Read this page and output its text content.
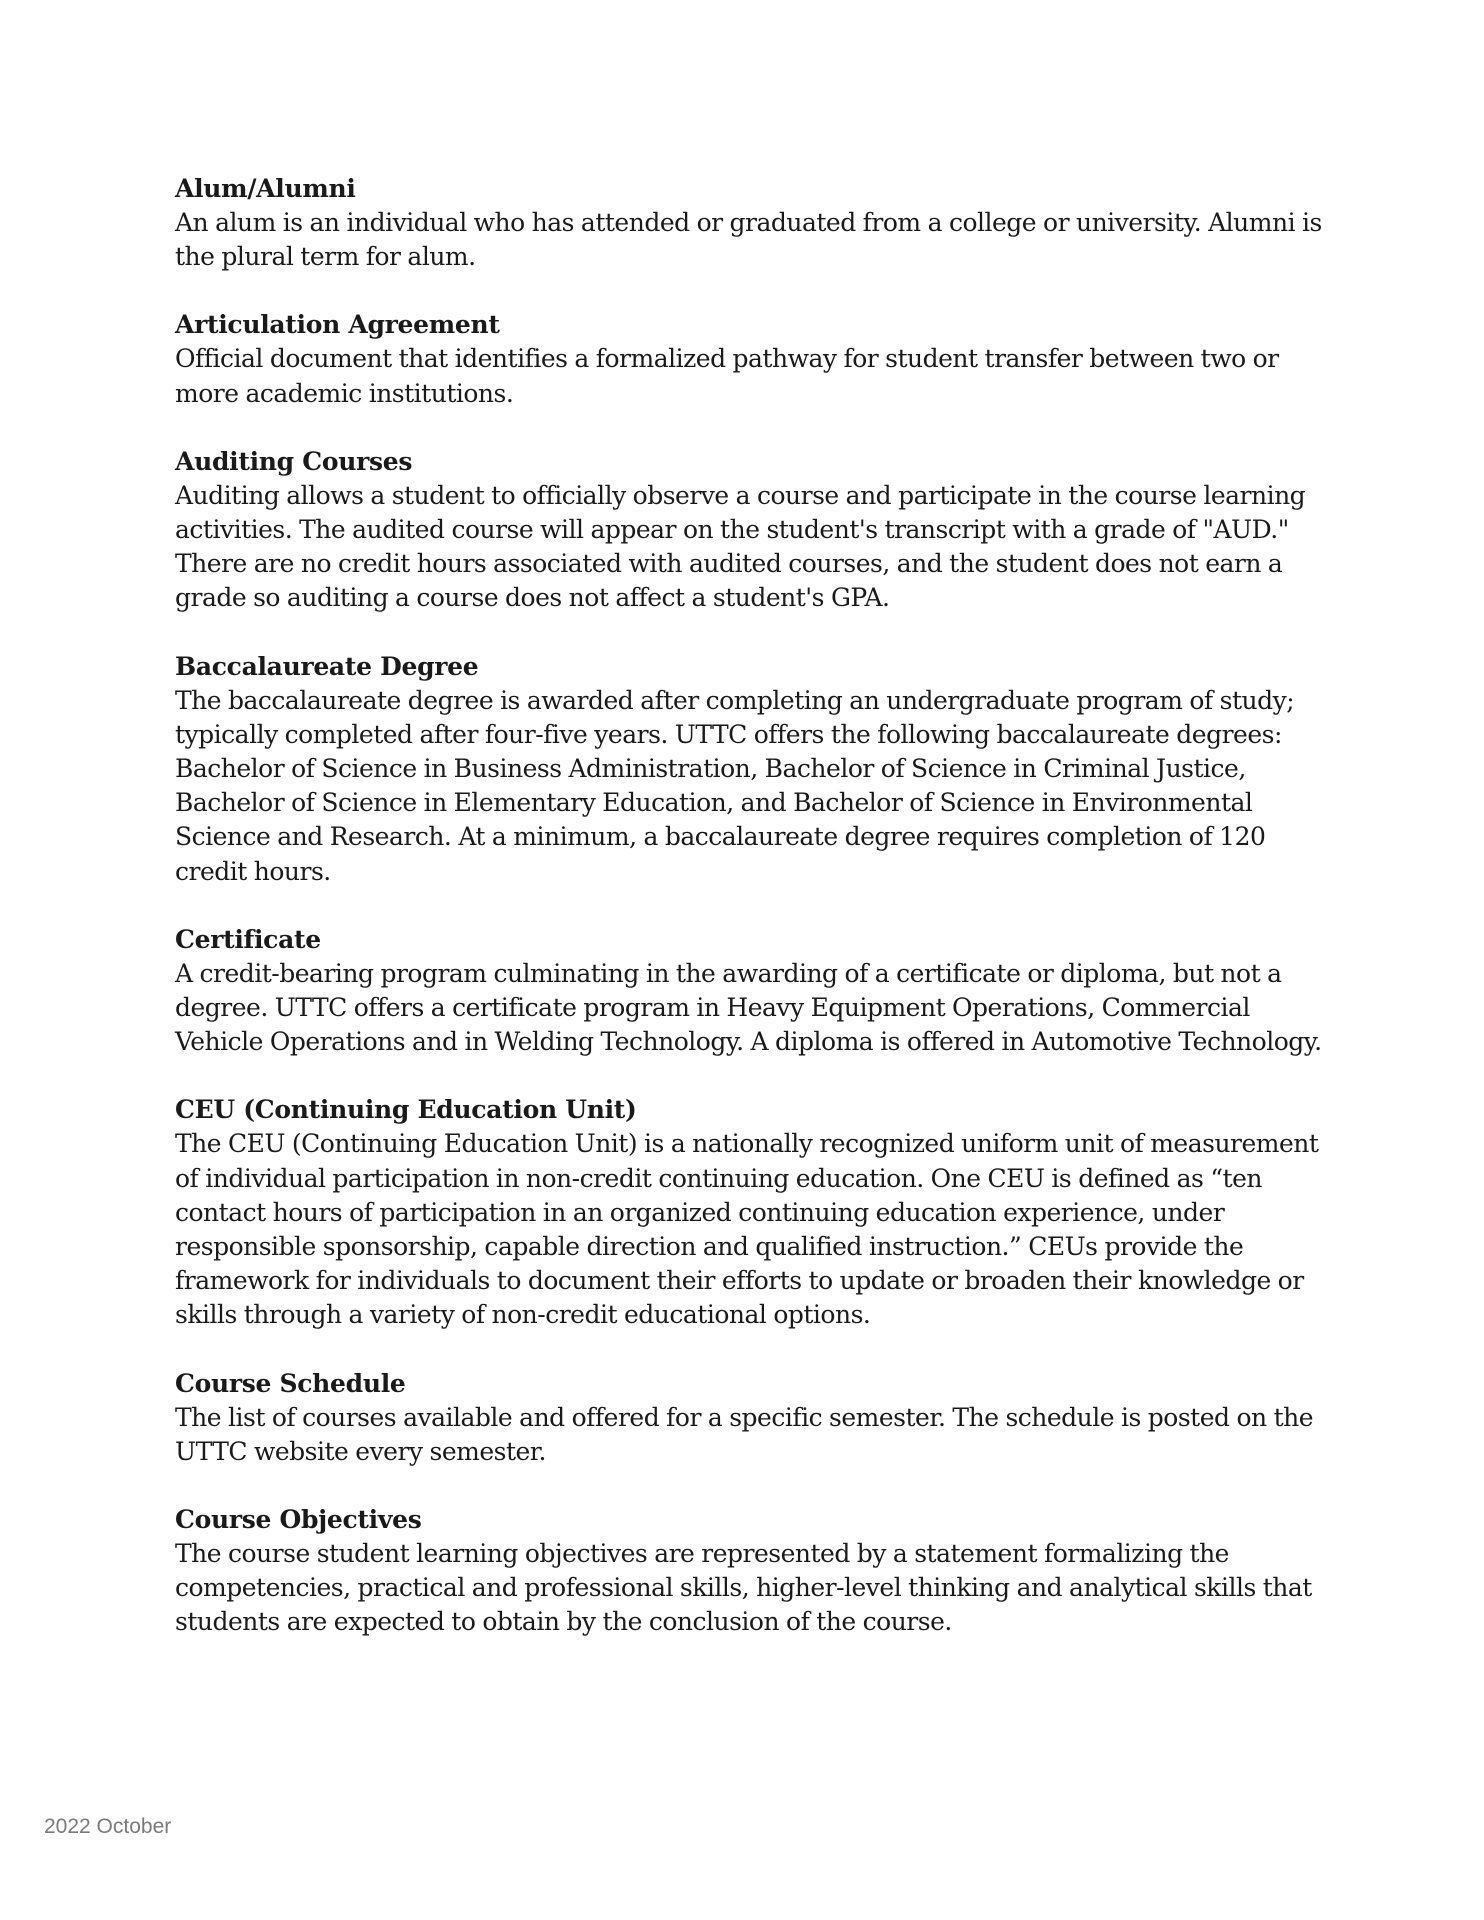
Alum/Alumni

An alum is an individual who has attended or graduated from a college or university. Alumni is the plural term for alum.

Articulation Agreement

Official document that identifies a formalized pathway for student transfer between two or more academic institutions.

Auditing Courses

Auditing allows a student to officially observe a course and participate in the course learning activities. The audited course will appear on the student's transcript with a grade of "AUD." There are no credit hours associated with audited courses, and the student does not earn a grade so auditing a course does not affect a student's GPA.

Baccalaureate Degree

The baccalaureate degree is awarded after completing an undergraduate program of study; typically completed after four-five years. UTTC offers the following baccalaureate degrees: Bachelor of Science in Business Administration, Bachelor of Science in Criminal Justice, Bachelor of Science in Elementary Education, and Bachelor of Science in Environmental Science and Research. At a minimum, a baccalaureate degree requires completion of 120 credit hours.

Certificate

A credit-bearing program culminating in the awarding of a certificate or diploma, but not a degree. UTTC offers a certificate program in Heavy Equipment Operations, Commercial Vehicle Operations and in Welding Technology. A diploma is offered in Automotive Technology.

CEU (Continuing Education Unit)

The CEU (Continuing Education Unit) is a nationally recognized uniform unit of measurement of individual participation in non-credit continuing education. One CEU is defined as “ten contact hours of participation in an organized continuing education experience, under responsible sponsorship, capable direction and qualified instruction.” CEUs provide the framework for individuals to document their efforts to update or broaden their knowledge or skills through a variety of non-credit educational options.

Course Schedule

The list of courses available and offered for a specific semester. The schedule is posted on the UTTC website every semester.

Course Objectives

The course student learning objectives are represented by a statement formalizing the competencies, practical and professional skills, higher-level thinking and analytical skills that students are expected to obtain by the conclusion of the course.

2022 October
